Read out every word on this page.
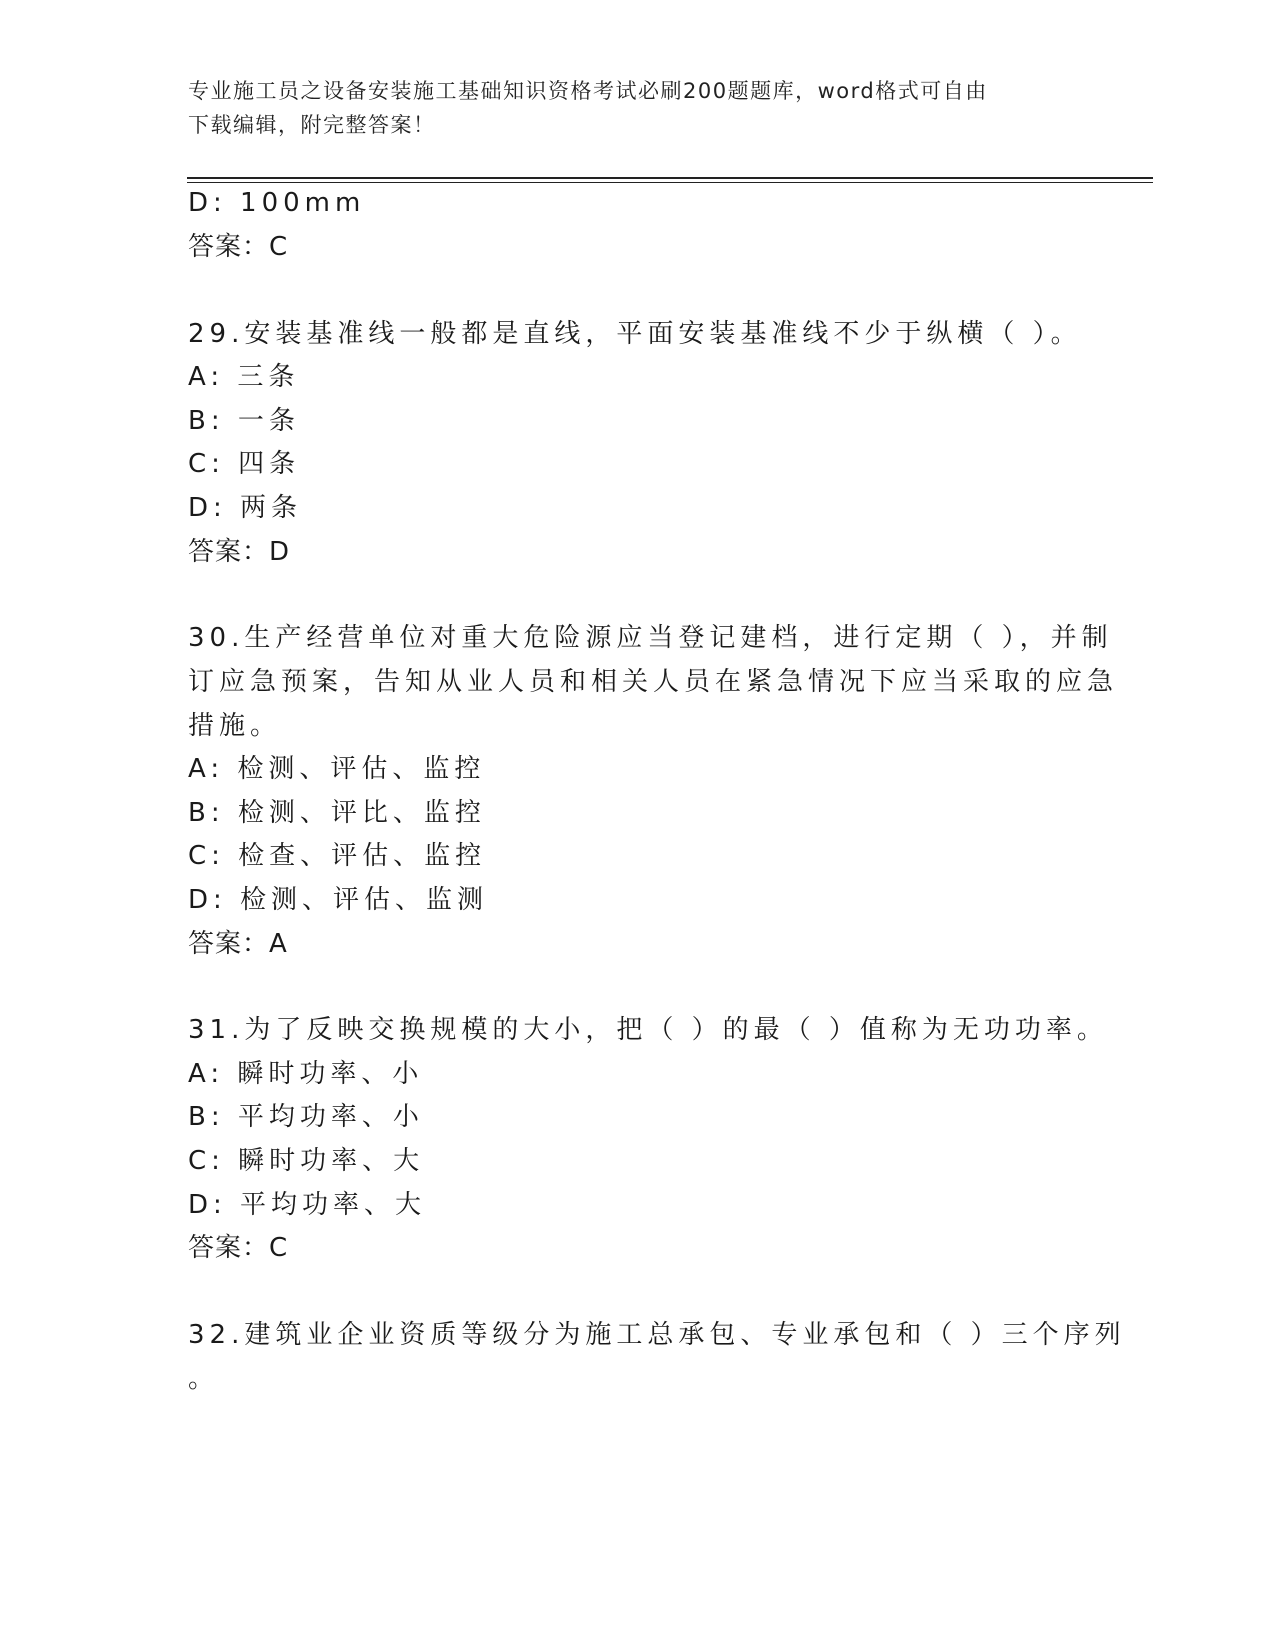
专业施工员之设备安装施工基础知识资格考试必刷200题题库，word格式可自由
下载编辑，附完整答案！
D: 100mm
答案：C
29.安装基准线一般都是直线，平面安装基准线不少于纵横（ ）。
A: 三条
B: 一条
C: 四条
D: 两条
答案：D
30.生产经营单位对重大危险源应当登记建档，进行定期（ ），并制
订应急预案，告知从业人员和相关人员在紧急情况下应当采取的应急
措施。
A: 检测、评估、监控
B: 检测、评比、监控
C: 检查、评估、监控
D: 检测、评估、监测
答案：A
31.为了反映交换规模的大小，把（ ）的最（ ）值称为无功功率。
A: 瞬时功率、小
B: 平均功率、小
C: 瞬时功率、大
D: 平均功率、大
答案：C
32.建筑业企业资质等级分为施工总承包、专业承包和（ ）三个序列
。
